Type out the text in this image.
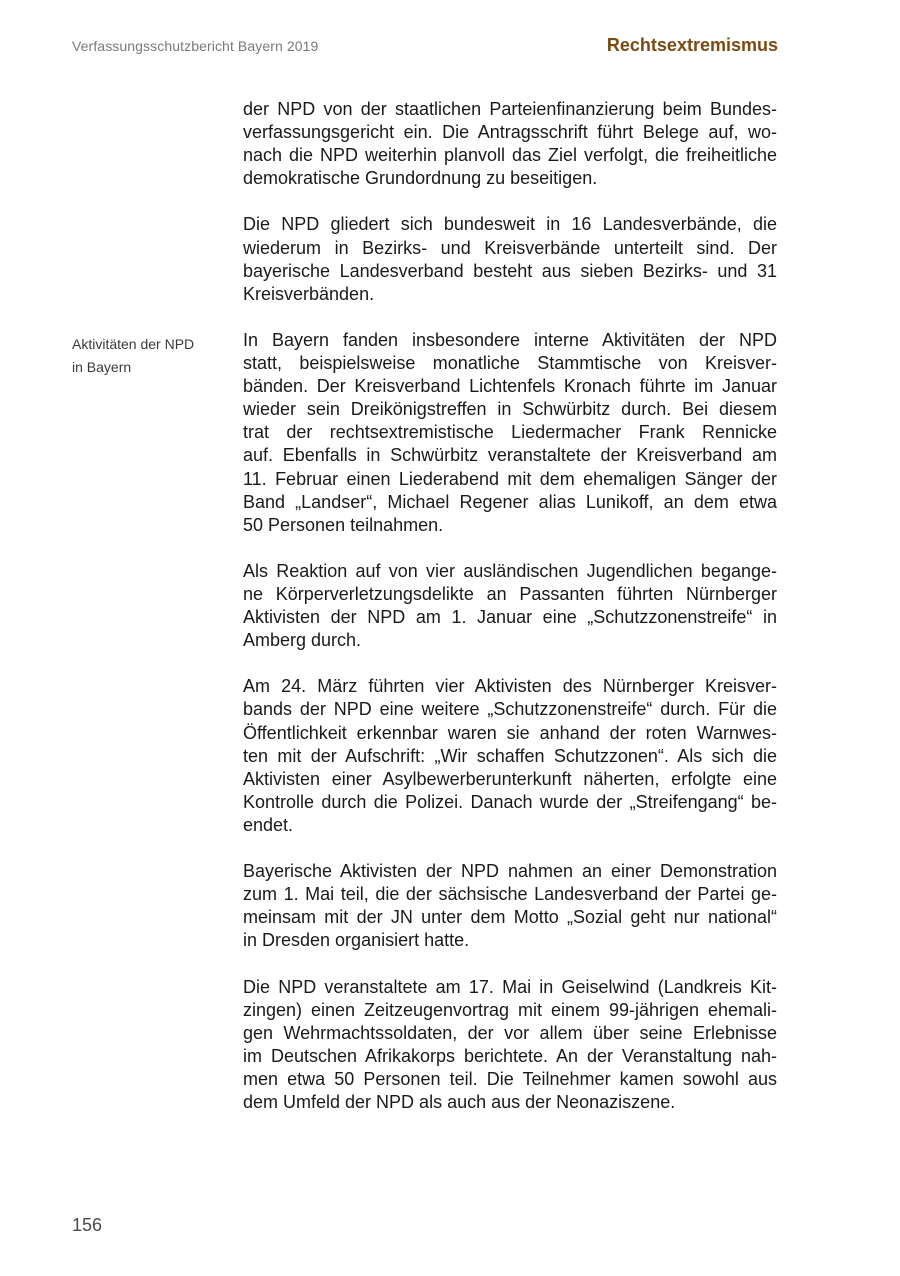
Verfassungsschutzbericht Bayern 2019	Rechtsextremismus
Aktivitäten der NPD
in Bayern
der NPD von der staatlichen Parteienfinanzierung beim Bundes-
verfassungsgericht ein. Die Antragsschrift führt Belege auf, wo-
nach die NPD weiterhin planvoll das Ziel verfolgt, die freiheitliche
demokratische Grundordnung zu beseitigen.
Die NPD gliedert sich bundesweit in 16 Landesverbände, die
wiederum in Bezirks- und Kreisverbände unterteilt sind. Der
bayerische Landesverband besteht aus sieben Bezirks- und 31
Kreisverbänden.
In Bayern fanden insbesondere interne Aktivitäten der NPD
statt, beispielsweise monatliche Stammtische von Kreisver-
bänden. Der Kreisverband Lichtenfels Kronach führte im Januar
wieder sein Dreikönigstreffen in Schwürbitz durch. Bei diesem
trat der rechtsextremistische Liedermacher Frank Rennicke
auf. Ebenfalls in Schwürbitz veranstaltete der Kreisverband am
11. Februar einen Liederabend mit dem ehemaligen Sänger der
Band „Landser“, Michael Regener alias Lunikoff, an dem etwa
50 Personen teilnahmen.
Als Reaktion auf von vier ausländischen Jugendlichen begange-
ne Körperverletzungsdelikte an Passanten führten Nürnberger
Aktivisten der NPD am 1. Januar eine „Schutzzonenstreife“ in
Amberg durch.
Am 24. März führten vier Aktivisten des Nürnberger Kreisver-
bands der NPD eine weitere „Schutzzonenstreife“ durch. Für die
Öffentlichkeit erkennbar waren sie anhand der roten Warnwes-
ten mit der Aufschrift: „Wir schaffen Schutzzonen“. Als sich die
Aktivisten einer Asylbewerberunterkunft näherten, erfolgte eine
Kontrolle durch die Polizei. Danach wurde der „Streifengang“ be-
endet.
Bayerische Aktivisten der NPD nahmen an einer Demonstration
zum 1. Mai teil, die der sächsische Landesverband der Partei ge-
meinsam mit der JN unter dem Motto „Sozial geht nur national“
in Dresden organisiert hatte.
Die NPD veranstaltete am 17. Mai in Geiselwind (Landkreis Kit-
zingen) einen Zeitzeugenvortrag mit einem 99-jährigen ehemali-
gen Wehrmachtssoldaten, der vor allem über seine Erlebnisse
im Deutschen Afrikakorps berichtete. An der Veranstaltung nah-
men etwa 50 Personen teil. Die Teilnehmer kamen sowohl aus
dem Umfeld der NPD als auch aus der Neonaziszene.
156
